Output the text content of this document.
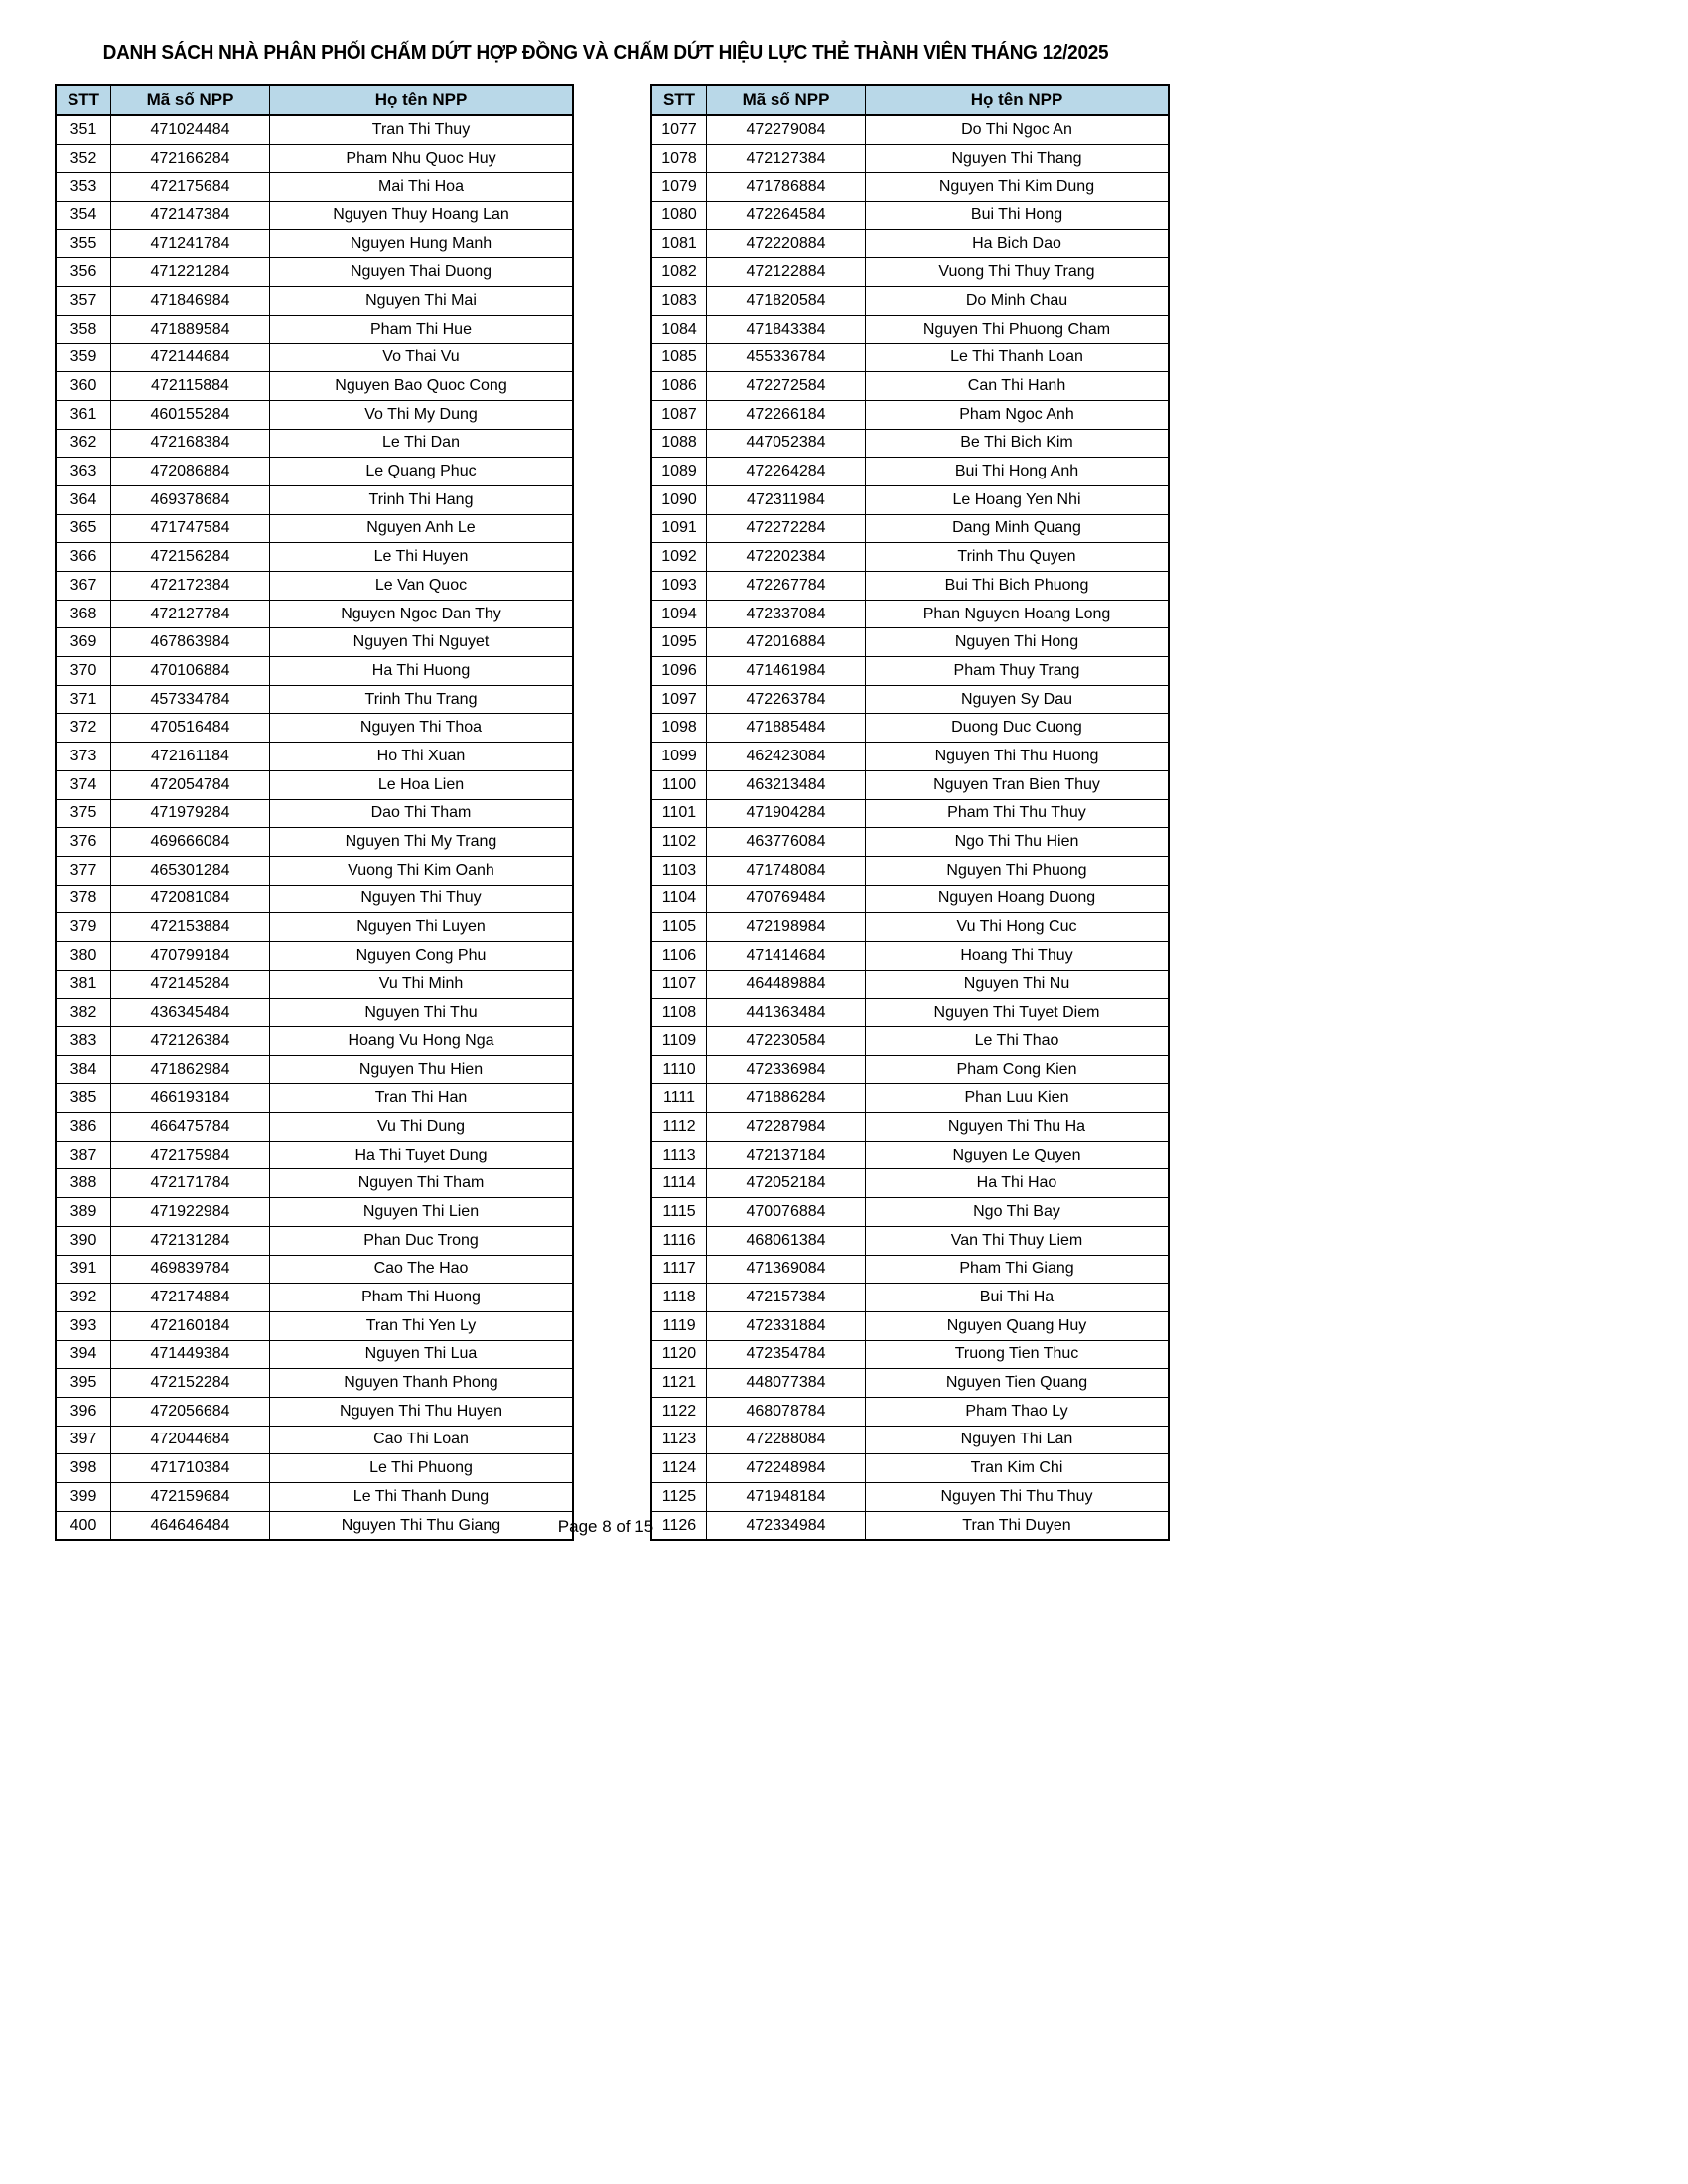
DANH SÁCH NHÀ PHÂN PHỐI CHẤM DỨT HỢP ĐỒNG VÀ CHẤM DỨT HIỆU LỰC THẺ THÀNH VIÊN THÁNG 12/2025
STT	Mã số NPP	Họ tên NPP
351	471024484	Tran Thi Thuy
352	472166284	Pham Nhu Quoc Huy
353	472175684	Mai Thi Hoa
354	472147384	Nguyen Thuy Hoang Lan
355	471241784	Nguyen Hung Manh
356	471221284	Nguyen Thai Duong
357	471846984	Nguyen Thi Mai
358	471889584	Pham Thi Hue
359	472144684	Vo Thai Vu
360	472115884	Nguyen Bao Quoc Cong
361	460155284	Vo Thi My Dung
362	472168384	Le Thi Dan
363	472086884	Le Quang Phuc
364	469378684	Trinh Thi Hang
365	471747584	Nguyen Anh Le
366	472156284	Le Thi Huyen
367	472172384	Le Van Quoc
368	472127784	Nguyen Ngoc Dan Thy
369	467863984	Nguyen Thi Nguyet
370	470106884	Ha Thi Huong
371	457334784	Trinh Thu Trang
372	470516484	Nguyen Thi Thoa
373	472161184	Ho Thi Xuan
374	472054784	Le Hoa Lien
375	471979284	Dao Thi Tham
376	469666084	Nguyen Thi My Trang
377	465301284	Vuong Thi Kim Oanh
378	472081084	Nguyen Thi Thuy
379	472153884	Nguyen Thi Luyen
380	470799184	Nguyen Cong Phu
381	472145284	Vu Thi Minh
382	436345484	Nguyen Thi Thu
383	472126384	Hoang Vu Hong Nga
384	471862984	Nguyen Thu Hien
385	466193184	Tran Thi Han
386	466475784	Vu Thi Dung
387	472175984	Ha Thi Tuyet Dung
388	472171784	Nguyen Thi Tham
389	471922984	Nguyen Thi Lien
390	472131284	Phan Duc Trong
391	469839784	Cao The Hao
392	472174884	Pham Thi Huong
393	472160184	Tran Thi Yen Ly
394	471449384	Nguyen Thi Lua
395	472152284	Nguyen Thanh Phong
396	472056684	Nguyen Thi Thu Huyen
397	472044684	Cao Thi Loan
398	471710384	Le Thi Phuong
399	472159684	Le Thi Thanh Dung
400	464646484	Nguyen Thi Thu Giang
STT	Mã số NPP	Họ tên NPP
1077	472279084	Do Thi Ngoc An
1078	472127384	Nguyen Thi Thang
1079	471786884	Nguyen Thi Kim Dung
1080	472264584	Bui Thi Hong
1081	472220884	Ha Bich Dao
1082	472122884	Vuong Thi Thuy Trang
1083	471820584	Do Minh Chau
1084	471843384	Nguyen Thi Phuong Cham
1085	455336784	Le Thi Thanh Loan
1086	472272584	Can Thi Hanh
1087	472266184	Pham Ngoc Anh
1088	447052384	Be Thi Bich Kim
1089	472264284	Bui Thi Hong Anh
1090	472311984	Le Hoang Yen Nhi
1091	472272284	Dang Minh Quang
1092	472202384	Trinh Thu Quyen
1093	472267784	Bui Thi Bich Phuong
1094	472337084	Phan Nguyen Hoang Long
1095	472016884	Nguyen Thi Hong
1096	471461984	Pham Thuy Trang
1097	472263784	Nguyen Sy Dau
1098	471885484	Duong Duc Cuong
1099	462423084	Nguyen Thi Thu Huong
1100	463213484	Nguyen Tran Bien Thuy
1101	471904284	Pham Thi Thu Thuy
1102	463776084	Ngo Thi Thu Hien
1103	471748084	Nguyen Thi Phuong
1104	470769484	Nguyen Hoang Duong
1105	472198984	Vu Thi Hong Cuc
1106	471414684	Hoang Thi Thuy
1107	464489884	Nguyen Thi Nu
1108	441363484	Nguyen Thi Tuyet Diem
1109	472230584	Le Thi Thao
1110	472336984	Pham Cong Kien
1111	471886284	Phan Luu Kien
1112	472287984	Nguyen Thi Thu Ha
1113	472137184	Nguyen Le Quyen
1114	472052184	Ha Thi Hao
1115	470076884	Ngo Thi Bay
1116	468061384	Van Thi Thuy Liem
1117	471369084	Pham Thi Giang
1118	472157384	Bui Thi Ha
1119	472331884	Nguyen Quang Huy
1120	472354784	Truong Tien Thuc
1121	448077384	Nguyen Tien Quang
1122	468078784	Pham Thao Ly
1123	472288084	Nguyen Thi Lan
1124	472248984	Tran Kim Chi
1125	471948184	Nguyen Thi Thu Thuy
1126	472334984	Tran Thi Duyen
Page 8 of 15
